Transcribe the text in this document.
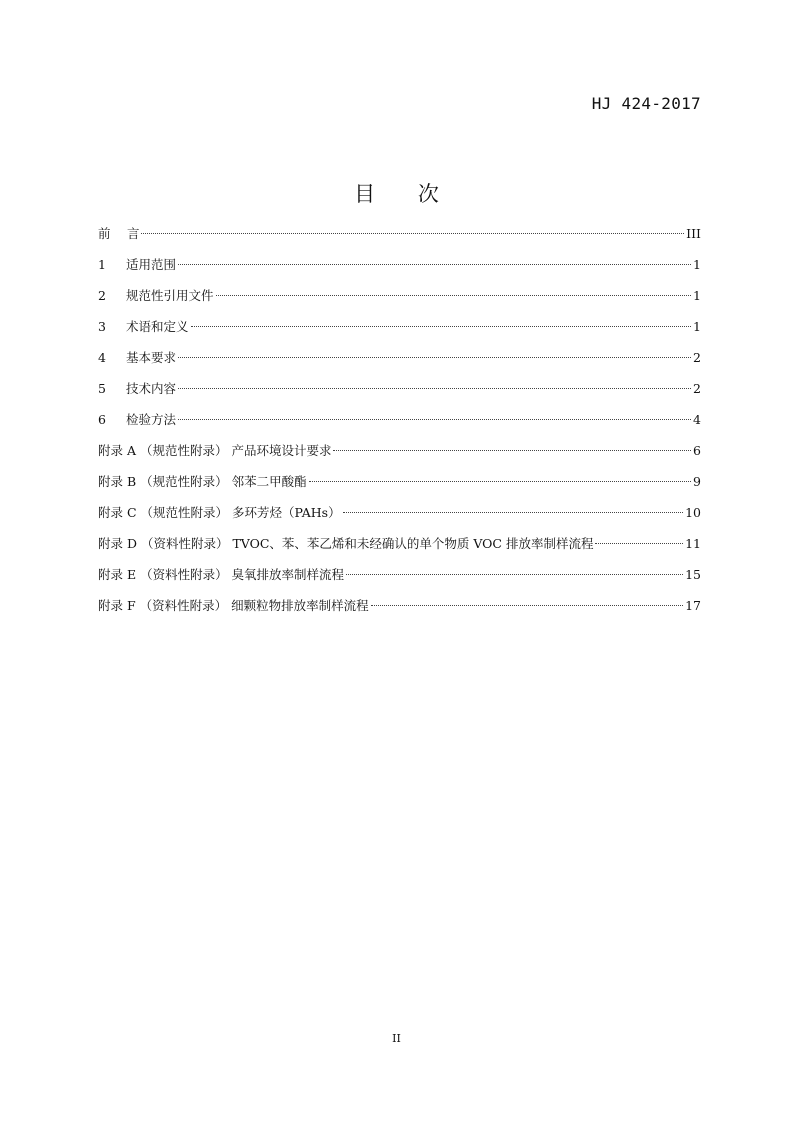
HJ 424-2017
目 次
前　 言	III
1 适用范围	1
2 规范性引用文件	1
3 术语和定义	1
4 基本要求	2
5 技术内容	2
6 检验方法	4
附录 A （规范性附录） 产品环境设计要求	6
附录 B （规范性附录） 邻苯二甲酸酯	9
附录 C （规范性附录） 多环芳烃（PAHs）	10
附录 D （资料性附录） TVOC、苯、苯乙烯和未经确认的单个物质 VOC 排放率制样流程	11
附录 E （资料性附录） 臭氧排放率制样流程	15
附录 F （资料性附录） 细颗粒物排放率制样流程	17
II
